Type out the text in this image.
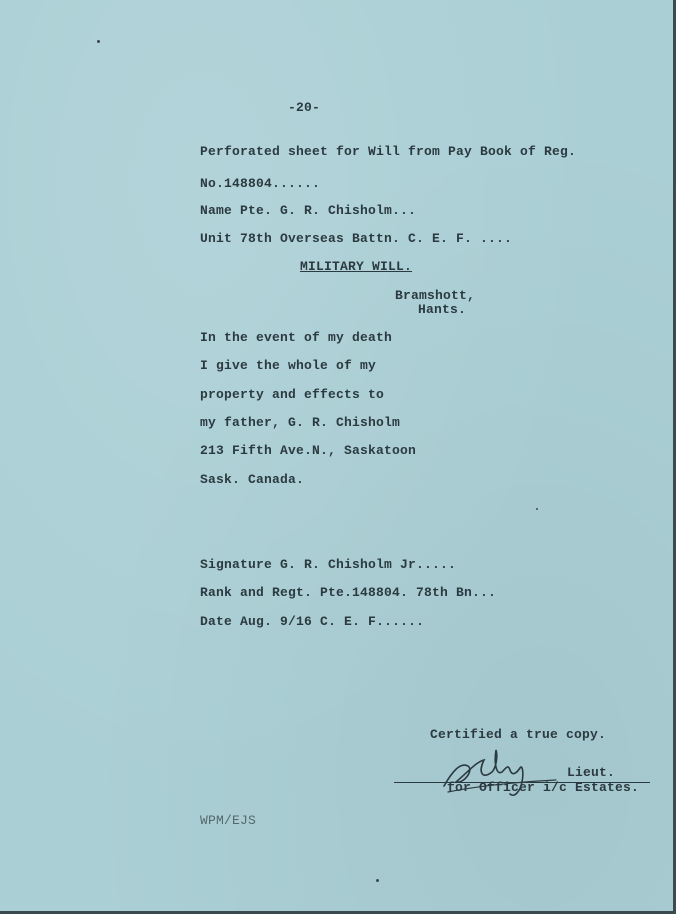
-20-
Perforated sheet for Will from Pay Book of Reg.
No.148804......
Name Pte. G. R. Chisholm...
Unit 78th Overseas Battn. C. E. F. ....
MILITARY WILL.
Bramshott,
Hants.
In the event of my death
I give the whole of my
property and effects to
my father, G. R. Chisholm
213 Fifth Ave.N., Saskatoon
Sask. Canada.
Signature G. R. Chisholm Jr.....
Rank and Regt. Pte.148804. 78th Bn...
Date Aug. 9/16 C. E. F......
Certified a true copy.
Lieut.
for Officer i/c Estates.
WPM/EJS
